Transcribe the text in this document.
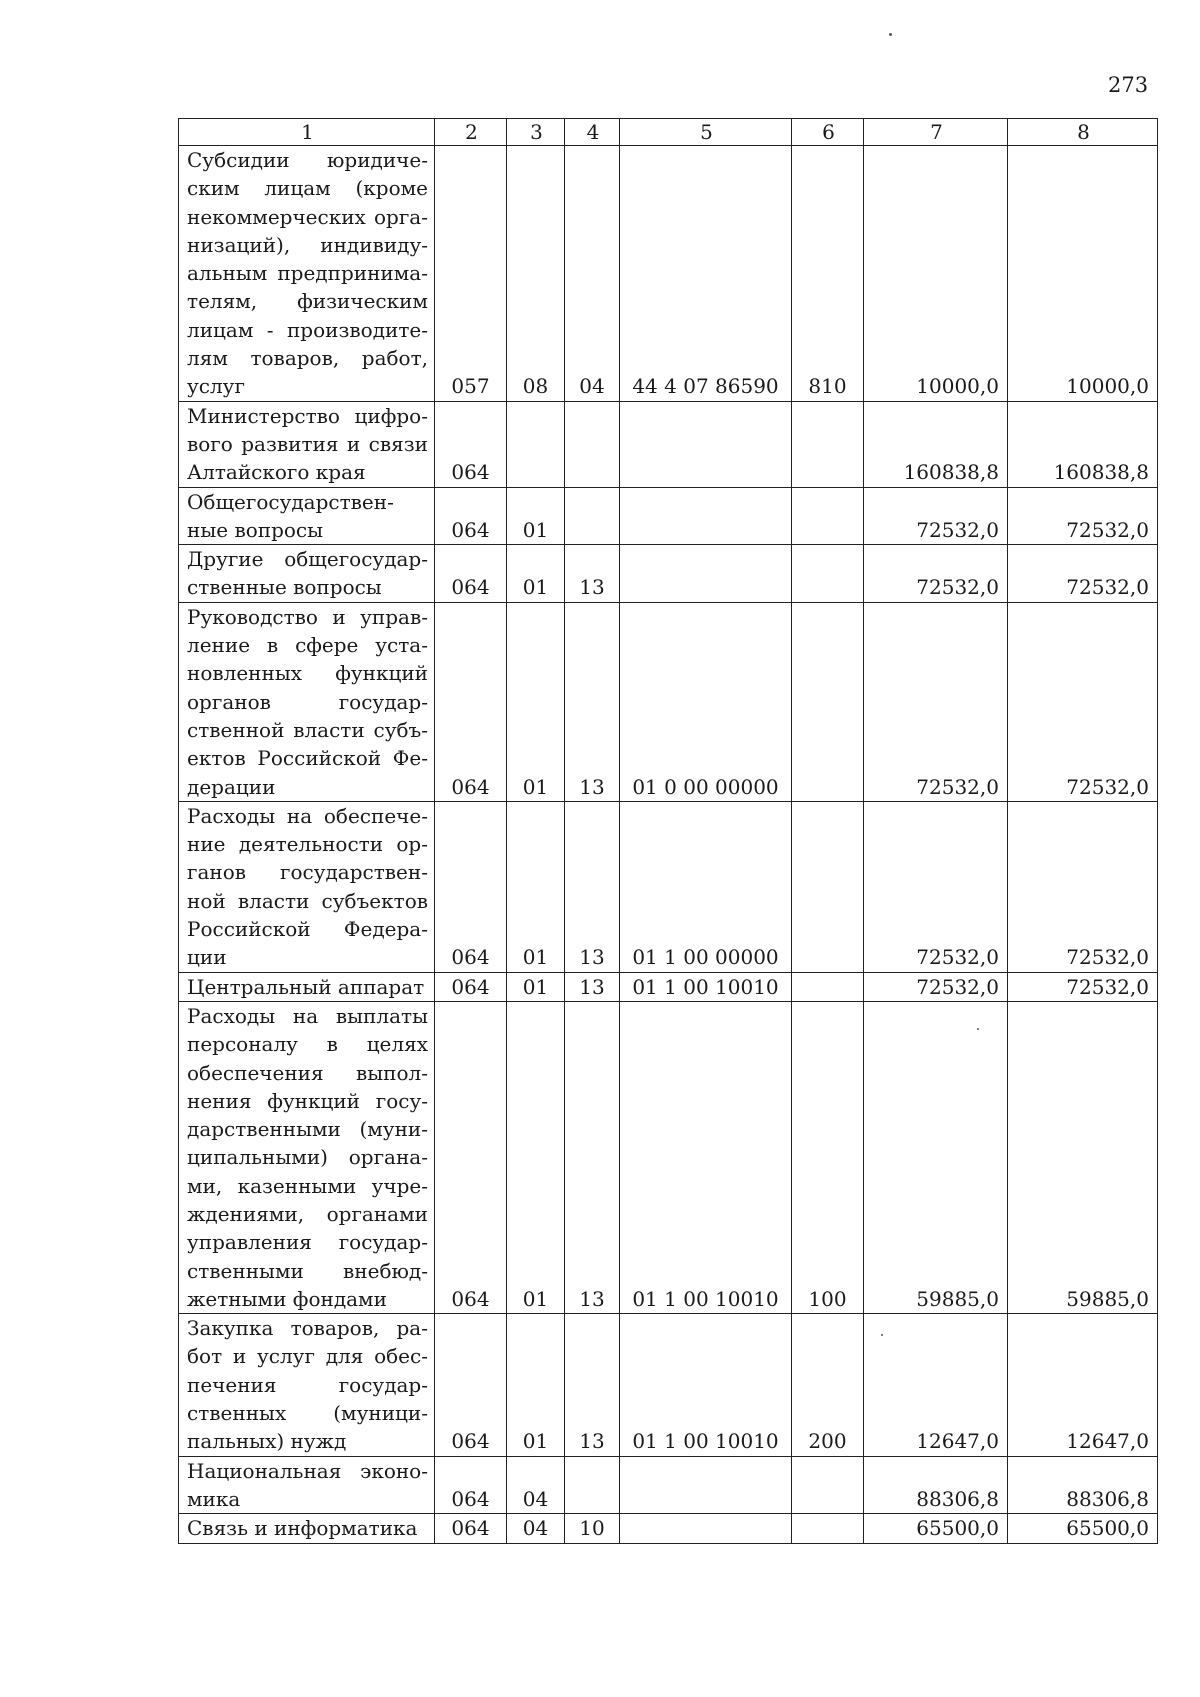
273
1	2	3	4	5	6	7	8
Субсидии юридическим лицам (кроме некоммерческих организаций), индивидуальным предпринимателям, физическим лицам - производителям товаров, работ, услуг	057	08	04	44 4 07 86590	810	10000,0	10000,0
Министерство цифрового развития и связи Алтайского края	064					160838,8	160838,8
Общегосударственные вопросы	064	01				72532,0	72532,0
Другие общегосударственные вопросы	064	01	13			72532,0	72532,0
Руководство и управление в сфере установленных функций органов государственной власти субъектов Российской Федерации	064	01	13	01 0 00 00000		72532,0	72532,0
Расходы на обеспечение деятельности органов государственной власти субъектов Российской Федерации	064	01	13	01 1 00 00000		72532,0	72532,0
Центральный аппарат	064	01	13	01 1 00 10010		72532,0	72532,0
Расходы на выплаты персоналу в целях обеспечения выполнения функций государственными (муниципальными) органами, казенными учреждениями, органами управления государственными внебюджетными фондами	064	01	13	01 1 00 10010	100	59885,0	59885,0
Закупка товаров, работ и услуг для обеспечения государственных (муниципальных) нужд	064	01	13	01 1 00 10010	200	12647,0	12647,0
Национальная экономика	064	04				88306,8	88306,8
Связь и информатика	064	04	10			65500,0	65500,0
